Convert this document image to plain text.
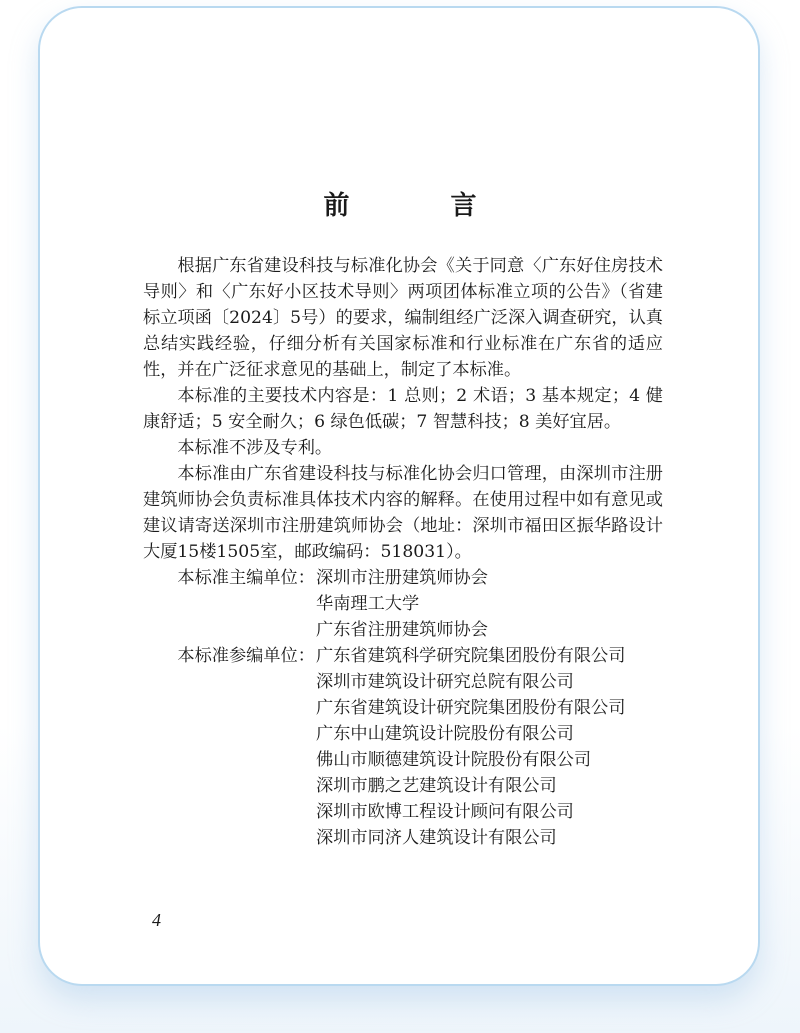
前 言

根据广东省建设科技与标准化协会《关于同意〈广东好住房技术导则〉和〈广东好小区技术导则〉两项团体标准立项的公告》（省建标立项函〔2024〕5号）的要求，编制组经广泛深入调查研究，认真总结实践经验，仔细分析有关国家标准和行业标准在广东省的适应性，并在广泛征求意见的基础上，制定了本标准。

本标准的主要技术内容是：1 总则；2 术语；3 基本规定；4 健康舒适；5 安全耐久；6 绿色低碳；7 智慧科技；8 美好宜居。

本标准不涉及专利。

本标准由广东省建设科技与标准化协会归口管理，由深圳市注册建筑师协会负责标准具体技术内容的解释。在使用过程中如有意见或建议请寄送深圳市注册建筑师协会（地址：深圳市福田区振华路设计大厦15楼1505室，邮政编码：518031）。

本标准主编单位： 深圳市注册建筑师协会
华南理工大学
广东省注册建筑师协会
本标准参编单位： 广东省建筑科学研究院集团股份有限公司
深圳市建筑设计研究总院有限公司
广东省建筑设计研究院集团股份有限公司
广东中山建筑设计院股份有限公司
佛山市顺德建筑设计院股份有限公司
深圳市鹏之艺建筑设计有限公司
深圳市欧博工程设计顾问有限公司
深圳市同济人建筑设计有限公司
4
